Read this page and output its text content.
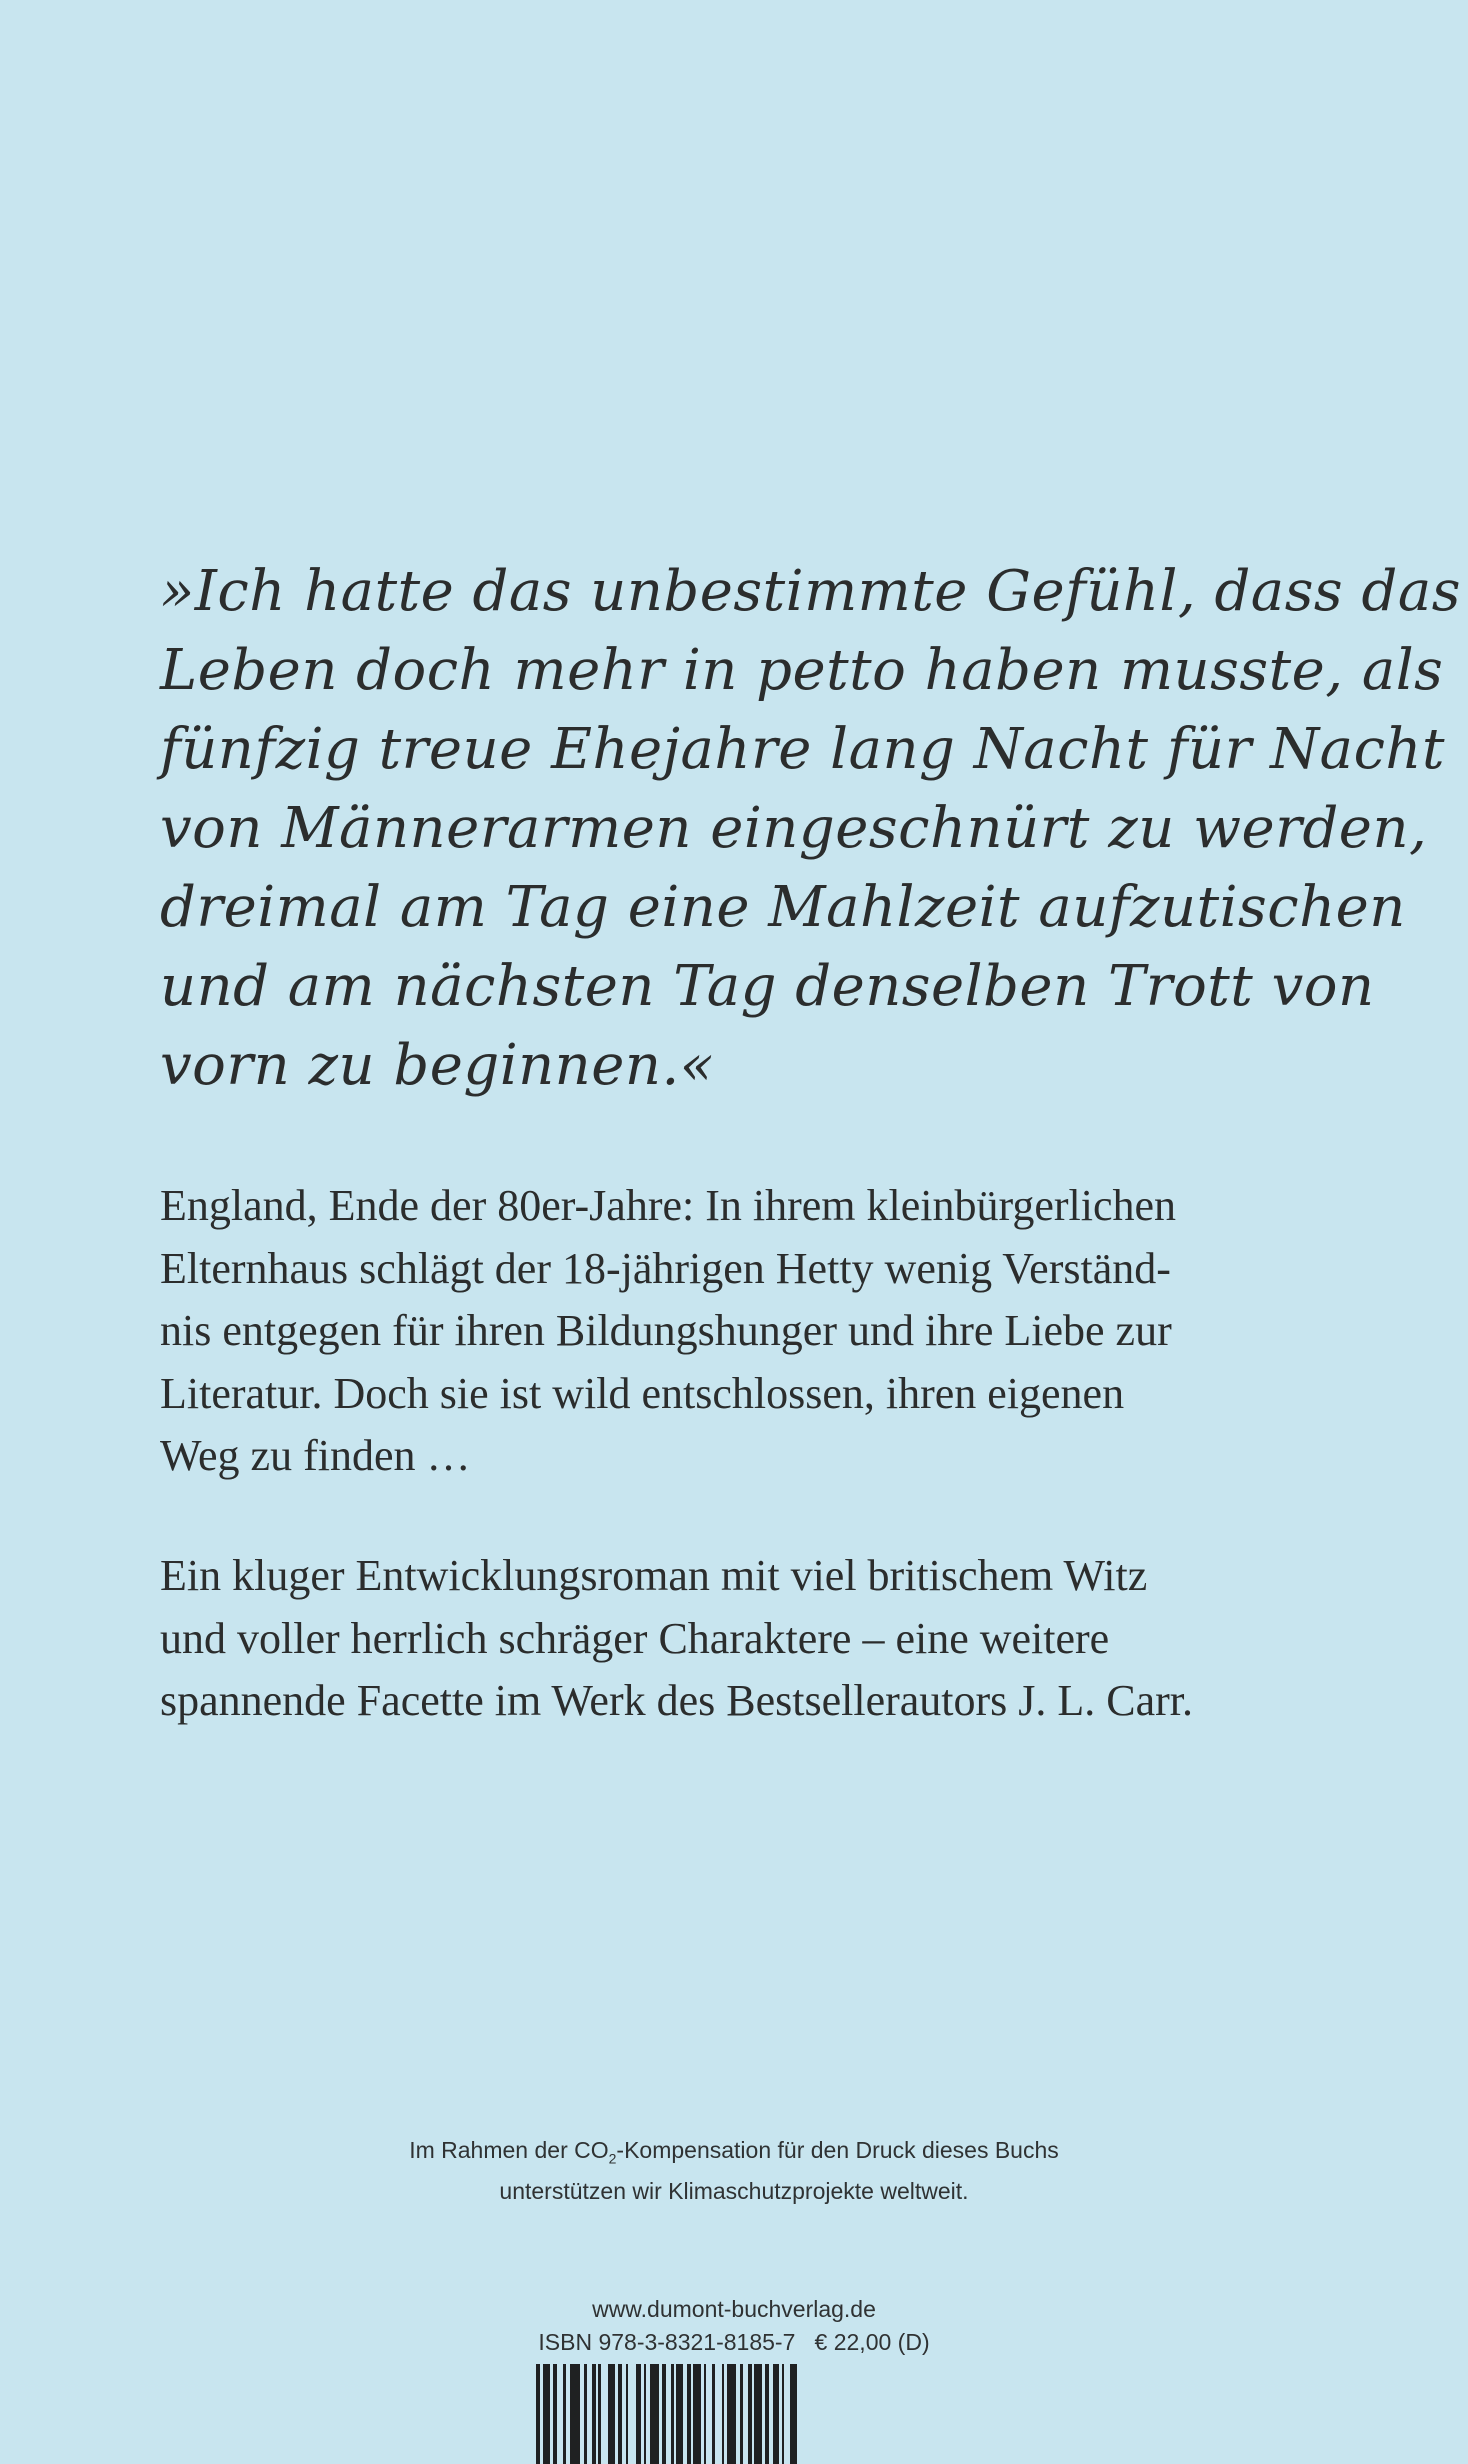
»Ich hatte das unbestimmte Gefühl, dass das
Leben doch mehr in petto haben musste, als
fünfzig treue Ehejahre lang Nacht für Nacht
von Männerarmen eingeschnürt zu werden,
dreimal am Tag eine Mahlzeit aufzutischen
und am nächsten Tag denselben Trott von
vorn zu beginnen.«
England, Ende der 80er-Jahre: In ihrem kleinbürgerlichen
Elternhaus schlägt der 18-jährigen Hetty wenig Verständ-
nis entgegen für ihren Bildungshunger und ihre Liebe zur
Literatur. Doch sie ist wild entschlossen, ihren eigenen
Weg zu finden …
Ein kluger Entwicklungsroman mit viel britischem Witz
und voller herrlich schräger Charaktere – eine weitere
spannende Facette im Werk des Bestsellerautors J. L. Carr.
Im Rahmen der $CO_2$-Kompensation für den Druck dieses Buchs
unterstützen wir Klimaschutzprojekte weltweit.
www.dumont-buchverlag.de
ISBN 978-3-8321-8185-7   € 22,00 (D)
